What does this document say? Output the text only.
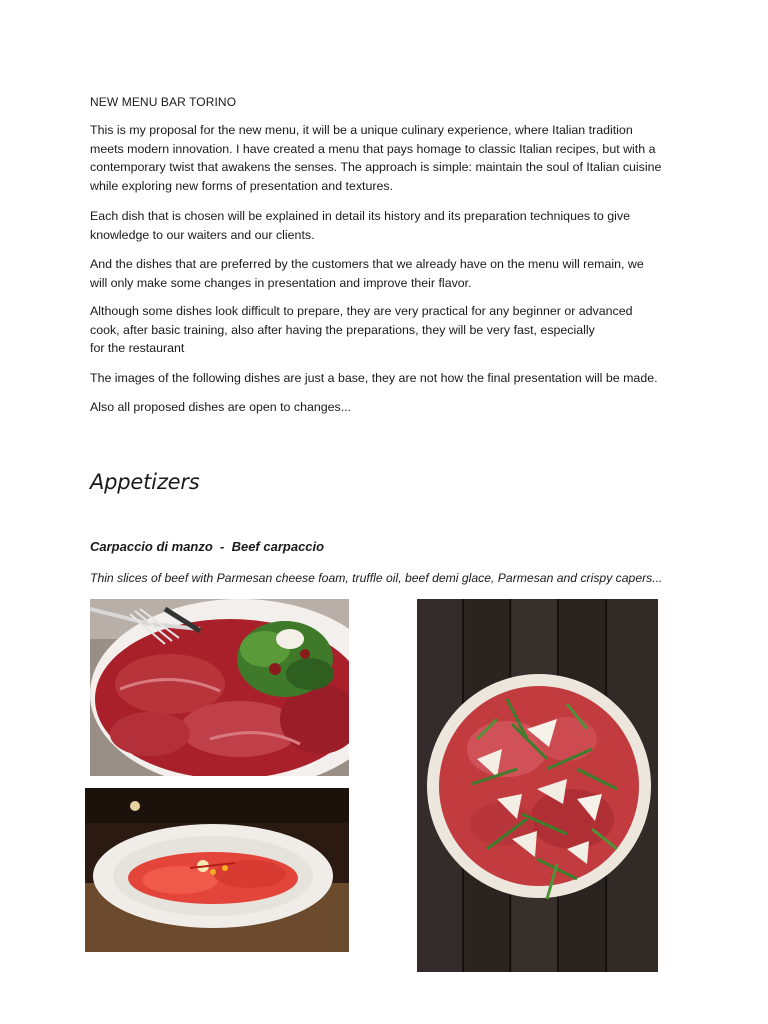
NEW MENU BAR TORINO

This is my proposal for the new menu, it will be a unique culinary experience, where Italian tradition
meets modern innovation. I have created a menu that pays homage to classic Italian recipes, but with a
contemporary twist that awakens the senses. The approach is simple: maintain the soul of Italian cuisine
while exploring new forms of presentation and textures.

Each dish that is chosen will be explained in detail its history and its preparation techniques to give
knowledge to our waiters and our clients.

And the dishes that are preferred by the customers that we already have on the menu will remain, we
will only make some changes in presentation and improve their flavor.

Although some dishes look difficult to prepare, they are very practical for any beginner or advanced
cook, after basic training, also after having the preparations, they will be very fast, especially
for the restaurant

The images of the following dishes are just a base, they are not how the final presentation will be made.

Also all proposed dishes are open to changes...

Appetizers
Carpaccio di manzo  -  Beef carpaccio
Thin slices of beef with Parmesan cheese foam, truffle oil, beef demi glace, Parmesan and crispy capers...
